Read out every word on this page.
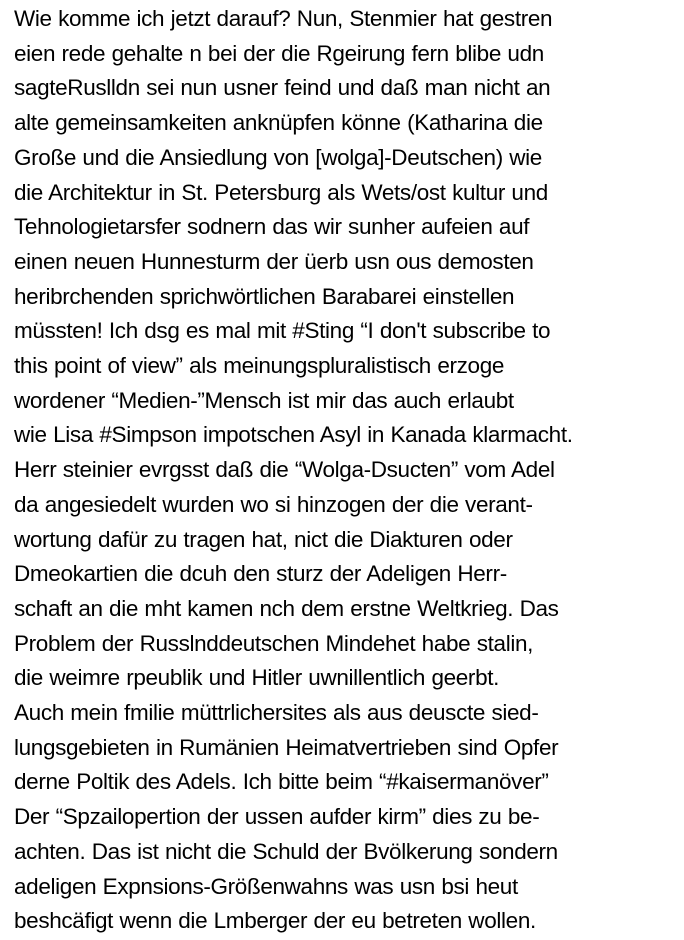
Wie komme ich jetzt darauf? Nun, Stenmier hat gestren
eien rede gehalte n bei der die Rgeirung fern blibe udn
sagteRuslldn sei nun usner feind und daß man nicht an
alte gemeinsamkeiten anknüpfen könne (Katharina die
Große und die Ansiedlung von [wolga]-Deutschen) wie
die Architektur in St. Petersburg als Wets/ost kultur und
Tehnologietarsfer sodnern das wir sunher aufeien auf
einen neuen Hunnesturm der üerb usn ous demosten
heribrchenden sprichwörtlichen Barabarei einstellen
müssten! Ich dsg es mal mit #Sting “I don't subscribe to
this point of view” als meinungspluralistisch erzoge
wordener “Medien-”Mensch ist mir das auch erlaubt
wie Lisa #Simpson impotschen Asyl in Kanada klarmacht.
Herr steinier evrgsst daß die “Wolga-Dsucten” vom Adel
da angesiedelt wurden wo si hinzogen der die verant-
wortung dafür zu tragen hat, nict die Diakturen oder
Dmeokartien die dcuh den sturz der Adeligen Herr-
schaft an die mht kamen nch dem erstne Weltkrieg. Das
Problem der Russlnddeutschen Mindehet habe stalin,
die weimre rpeublik und Hitler uwnillentlich geerbt.
Auch mein fmilie müttrlichersites als aus deuscte sied-
lungsgebieten in Rumänien Heimatvertrieben sind Opfer
derne Poltik des Adels. Ich bitte beim “#kaisermanöver”
Der “Spzailopertion der ussen aufder kirm” dies zu be-
achten. Das ist nicht die Schuld der Bvölkerung sondern
adeligen Expnsions-Größenwahns was usn bsi heut
beshcäfigt wenn die Lmberger der eu betreten wollen.
